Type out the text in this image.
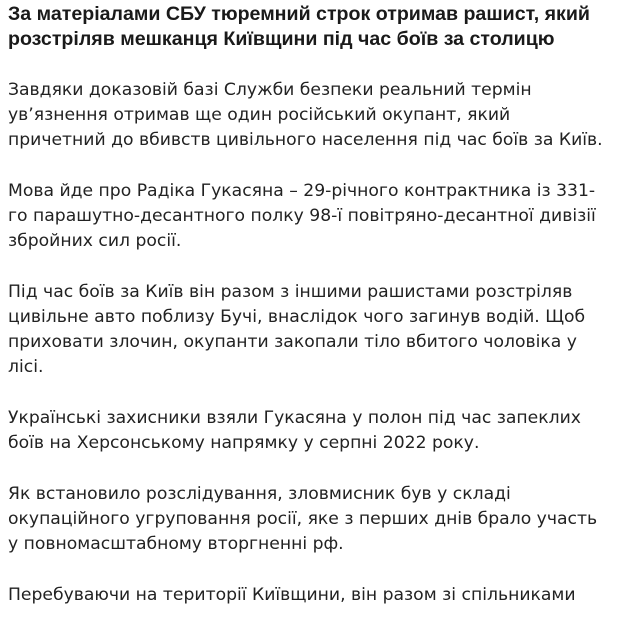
За матеріалами СБУ тюремний строк отримав рашист, який
розстріляв мешканця Київщини під час боїв за столицю

Завдяки доказовій базі Служби безпеки реальний термін
ув’язнення отримав ще один російський окупант, який
причетний до вбивств цивільного населення під час боїв за Київ.

Мова йде про Радіка Гукасяна – 29-річного контрактника із 331-
го парашутно-десантного полку 98-ї повітряно-десантної дивізії
збройних сил росії.

Під час боїв за Київ він разом з іншими рашистами розстріляв
цивільне авто поблизу Бучі, внаслідок чого загинув водій. Щоб
приховати злочин, окупанти закопали тіло вбитого чоловіка у
лісі.

Українські захисники взяли Гукасяна у полон під час запеклих
боїв на Херсонському напрямку у серпні 2022 року.

Як встановило розслідування, зловмисник був у складі
окупаційного угруповання росії, яке з перших днів брало участь
у повномасштабному вторгненні рф.

Перебуваючи на території Київщини, він разом зі спільниками
